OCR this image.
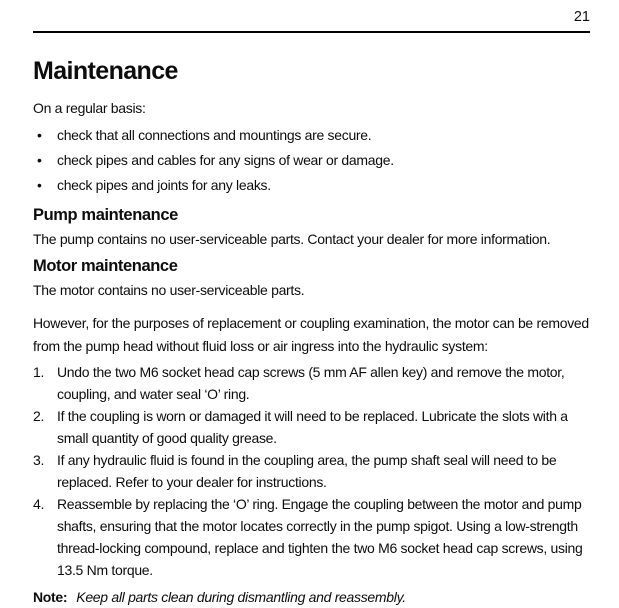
21
Maintenance

On a regular basis:

•	check that all connections and mountings are secure.
•	check pipes and cables for any signs of wear or damage.
•	check pipes and joints for any leaks.
Pump maintenance

The pump contains no user-serviceable parts. Contact your dealer for more information.

Motor maintenance

The motor contains no user-serviceable parts.

However, for the purposes of replacement or coupling examination, the motor can be removed from the pump head without fluid loss or air ingress into the hydraulic system:

1. Undo the two M6 socket head cap screws (5 mm AF allen key) and remove the motor, coupling, and water seal ‘O’ ring.
2. If the coupling is worn or damaged it will need to be replaced. Lubricate the slots with a small quantity of good quality grease.
3. If any hydraulic fluid is found in the coupling area, the pump shaft seal will need to be replaced. Refer to your dealer for instructions.
4. Reassemble by replacing the ‘O’ ring. Engage the coupling between the motor and pump shafts, ensuring that the motor locates correctly in the pump spigot. Using a low-strength thread-locking compound, replace and tighten the two M6 socket head cap screws, using 13.5 Nm torque.

Note: Keep all parts clean during dismantling and reassembly.
